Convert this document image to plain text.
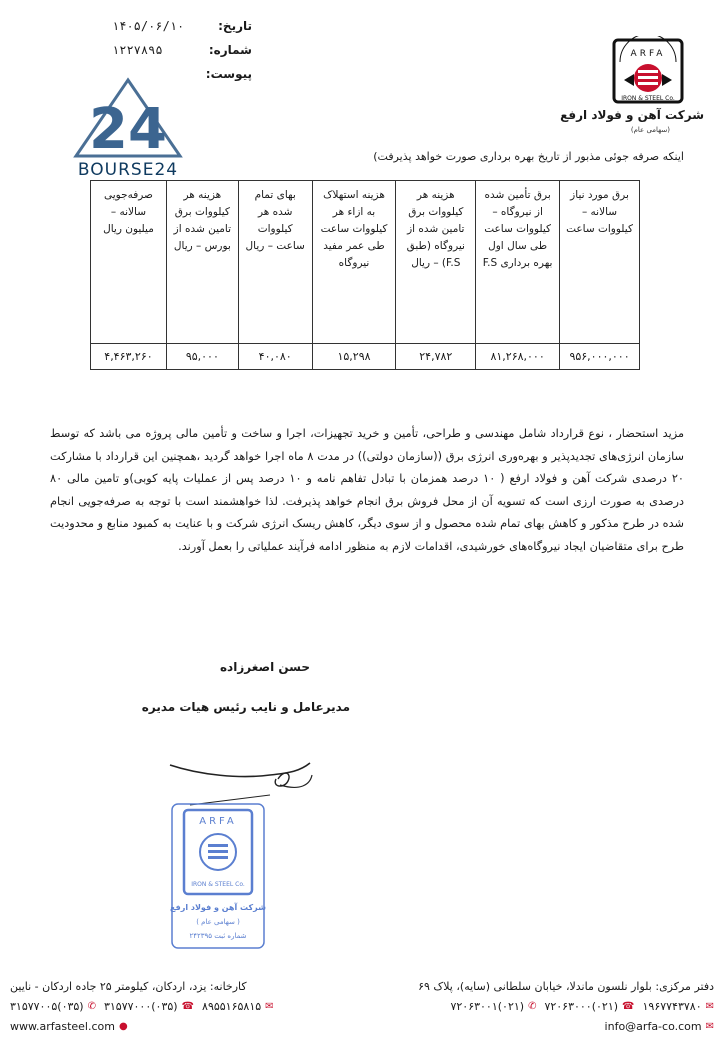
تاریخ:
۱۴۰۵/۰۶/۱۰
شماره:
۱۲۲۷۸۹۵
پیوست:
24
BOURSE24
ARFA
IRON & STEEL Co.
شرکت آهن و فولاد ارفع
(سهامی عام)
اینکه صرفه جوئی مذبور از تاریخ بهره برداری صورت خواهد پذیرفت)
برق مورد نیاز سالانه –کیلووات ساعت	برق تأمین شده از نیروگاه – کیلووات ساعت طی سال اول بهره برداری F.S	هزینه هر کیلووات برق تامین شده از نیروگاه (طبق F.S) – ریال	هزینه استهلاک به ازاء هر کیلووات ساعت طی عمر مفید نیروگاه	بهای تمام شده هر کیلووات ساعت – ریال	هزینه هر کیلووات برق تامین شده از بورس – ریال	صرفه‌جویی سالانه – میلیون ریال
۹۵۶,۰۰۰,۰۰۰	۸۱,۲۶۸,۰۰۰	۲۴,۷۸۲	۱۵,۲۹۸	۴۰,۰۸۰	۹۵,۰۰۰	۴,۴۶۳,۲۶۰
مزید استحضار ، نوع قرارداد شامل مهندسی و طراحی، تأمین و خرید تجهیزات، اجرا و ساخت و تأمین مالی پروژه می باشد که توسط سازمان انرژی‌های تجدیدپذیر و بهره‌وری انرژی برق ((سازمان دولتی)) در مدت ۸ ماه اجرا خواهد گردید ،همچنین این قرارداد با مشارکت ۲۰ درصدی شرکت آهن و فولاد ارفع ( ۱۰ درصد همزمان با تبادل تفاهم نامه و ۱۰ درصد پس از عملیات پایه کوبی)و تامین مالی ۸۰ درصدی به صورت ارزی است که تسویه آن از محل فروش برق انجام خواهد پذیرفت. لذا خواهشمند است با توجه به صرفه‌جویی انجام شده در طرح مذکور و کاهش بهای تمام شده محصول و از سوی دیگر، کاهش ریسک انرژی شرکت و با عنایت به کمبود منابع و محدودیت طرح برای متقاضیان ایجاد نیروگاه‌های خورشیدی، اقدامات لازم به منظور ادامه فرآیند عملیاتی را بعمل آورند.
حسن اصغرزاده
مدیرعامل و نایب رئیس هیات مدیره
ARFA
IRON & STEEL Co.
شرکت آهن و فولاد ارفع
( سهامی عام )
شماره ثبت ۲۴۲۳۹۵
دفتر مرکزی: بلوار نلسون ماندلا، خیابان سلطانی (سایه)، پلاک ۶۹
کارخانه: یزد، اردکان، کیلومتر ۲۵ جاده اردکان - نایین
✉
۱۹۶۷۷۴۳۷۸۰
☎
(۰۲۱)۷۲۰۶۳۰۰۰
✆
(۰۲۱)۷۲۰۶۳۰۰۱
✉
۸۹۵۵۱۶۵۸۱۵
☎
(۰۳۵)۳۱۵۷۷۰۰۰
✆
(۰۳۵)۳۱۵۷۷۰۰۵
✉
info@arfa-co.com
●
www.arfasteel.com
